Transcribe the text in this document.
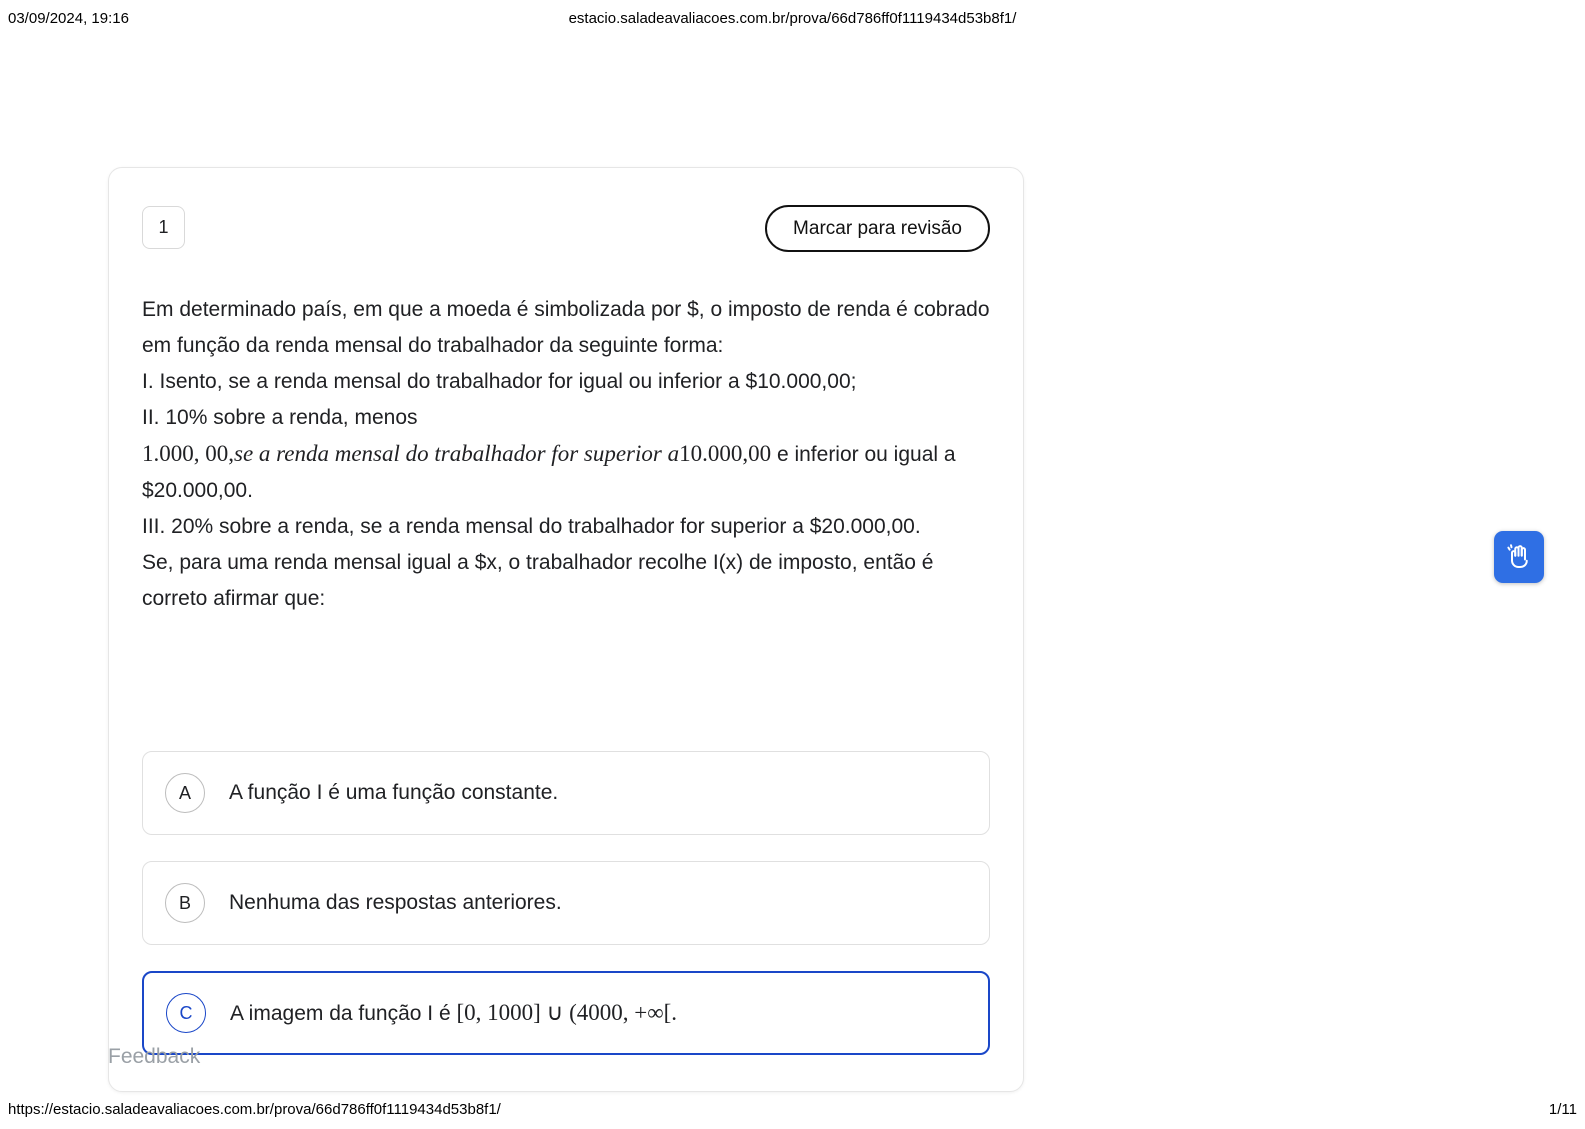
03/09/2024, 19:16	estacio.saladeavaliacoes.com.br/prova/66d786ff0f1119434d53b8f1/
1	Marcar para revisão

Em determinado país, em que a moeda é simbolizada por $, o imposto de renda é cobrado em função da renda mensal do trabalhador da seguinte forma:

I. Isento, se a renda mensal do trabalhador for igual ou inferior a $10.000,00;

II. 10% sobre a renda, menos

1.000, 00,se a renda mensal do trabalhador for superior a10.000,00 e inferior ou igual a $20.000,00.

III. 20% sobre a renda, se a renda mensal do trabalhador for superior a $20.000,00.

Se, para uma renda mensal igual a $x, o trabalhador recolhe I(x) de imposto, então é correto afirmar que:

A	A função I é uma função constante.
B	Nenhuma das respostas anteriores.
C	A imagem da função I é [0, 1000] ∪ (4000, +∞[.
Feedback
https://estacio.saladeavaliacoes.com.br/prova/66d786ff0f1119434d53b8f1/	1/11
